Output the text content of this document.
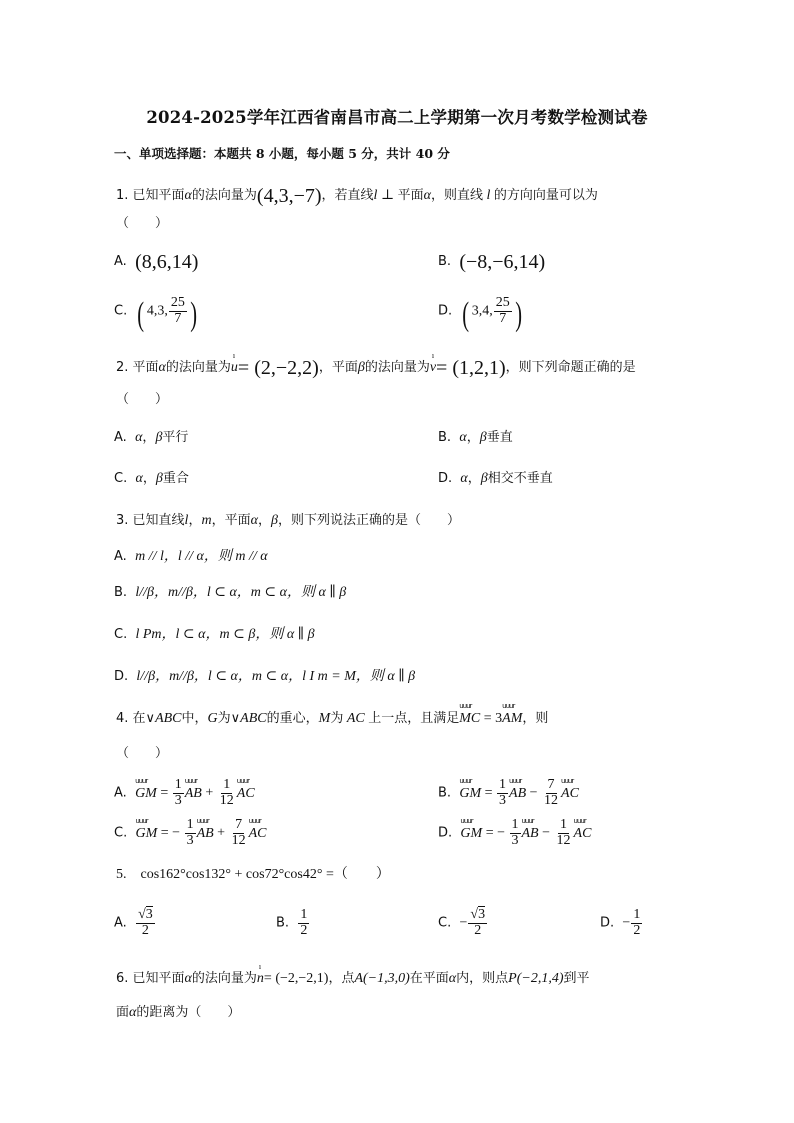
2024-2025学年江西省南昌市高二上学期第一次月考数学检测试卷
一、单项选择题：本题共 8 小题，每小题 5 分，共计 40 分
1. 已知平面α的法向量为(4,3,−7)，若直线l ⊥ 平面α，则直线 l 的方向向量可以为
（　　）
A. (8,6,14)	B. (−8,−6,14)
C. ( 4,3, $\frac{25}{7}$ )	D. ( 3,4, $\frac{25}{7}$ )
2. 平面α的法向量为
ı
u= (2,−2,2)，平面β的法向量为
ı
v= (1,2,1)，则下列命题正确的是
（　　）
A. α，β平行	B. α，β垂直
C. α，β重合	D. α，β相交不垂直
3. 已知直线l，m，平面α，β，则下列说法正确的是（　　）
A. m // l，l // α，则 m // α
B. l//β，m//β，l ⊂ α，m ⊂ α，则 α ∥ β
C. l Pm，l ⊂ α，m ⊂ β，则 α ∥ β
D. l//β，m//β，l ⊂ α，m ⊂ α，l I m = M，则 α ∥ β
4. 在∨ABC中，G为∨ABC的重心，M为 AC 上一点，且满足
uuur
MC = 3
uuur
AM，则
（　　）
A.
uuur
GM = $\frac{1}{3}$ uuur
AB + $\frac{1}{12}$ uuur
AC	B.
uuur
GM = $\frac{1}{3}$ uuur
AB − $\frac{7}{12}$ uuur
AC
C.
uuur
GM = − $\frac{1}{3}$ uuur
AB + $\frac{7}{12}$ uuur
AC	D.
uuur
GM = − $\frac{1}{3}$ uuur
AB − $\frac{1}{12}$ uuur
AC
5.　cos162°cos132° + cos72°cos42° =（　　）
A. $\frac{√3}{2}$	B. $\frac{1}{2}$	C. − $\frac{√3}{2}$	D. − $\frac{1}{2}$
6. 已知平面α的法向量为
ı
n= (−2,−2,1)，点A(−1,3,0)在平面α内，则点P(−2,1,4)到平
面α的距离为（　　）
